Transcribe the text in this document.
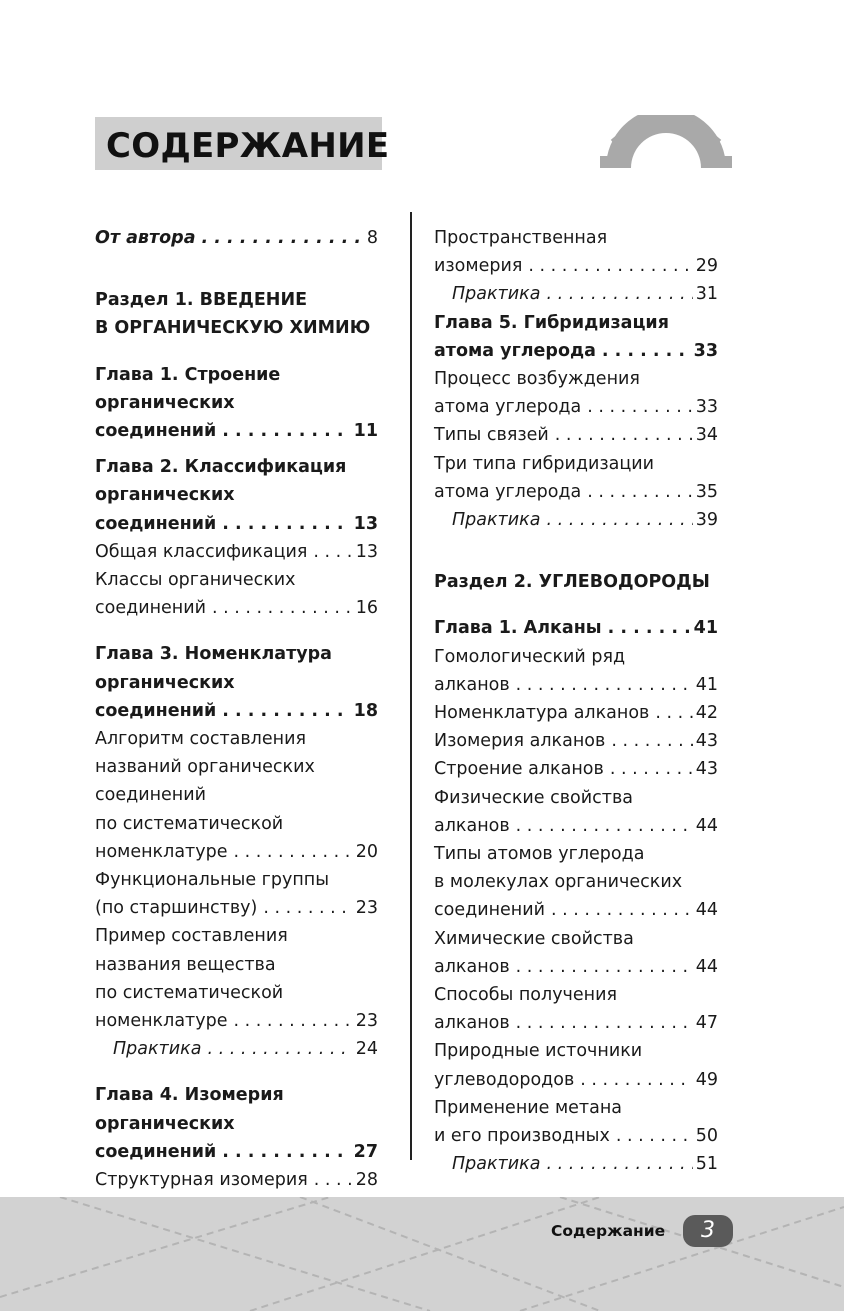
СОДЕРЖАНИЕ
От автора . . .	8
Раздел 1. ВВЕДЕНИЕ
В ОРГАНИЧЕСКУЮ ХИМИЮ
Глава 1. Строение
органических
соединений . . .	11
Глава 2. Классификация
органических
соединений . . .	13
Общая классификация . . .	13
Классы органических
соединений . . .	16
Глава 3. Номенклатура
органических
соединений . . .	18
Алгоритм составления
названий органических
соединений
по систематической
номенклатуре . . .	20
Функциональные группы
(по старшинству) . . .	23
Пример составления
названия вещества
по систематической
номенклатуре . . .	23
Практика . . .	24
Глава 4. Изомерия
органических
соединений . . .	27
Структурная изомерия . . .	28
Пространственная
изомерия . . .	29
Практика . . .	31
Глава 5. Гибридизация
атома углерода . . .	33
Процесс возбуждения
атома углерода . . .	33
Типы связей . . .	34
Три типа гибридизации
атома углерода . . .	35
Практика . . .	39
Раздел 2. УГЛЕВОДОРОДЫ
Глава 1. Алканы . . .	41
Гомологический ряд
алканов . . .	41
Номенклатура алканов . . .	42
Изомерия алканов . . .	43
Строение алканов . . .	43
Физические свойства
алканов . . .	44
Типы атомов углерода
в молекулах органических
соединений . . .	44
Химические свойства
алканов . . .	44
Способы получения
алканов . . .	47
Природные источники
углеводородов . . .	49
Применение метана
и его производных . . .	50
Практика . . .	51
Содержание	3
